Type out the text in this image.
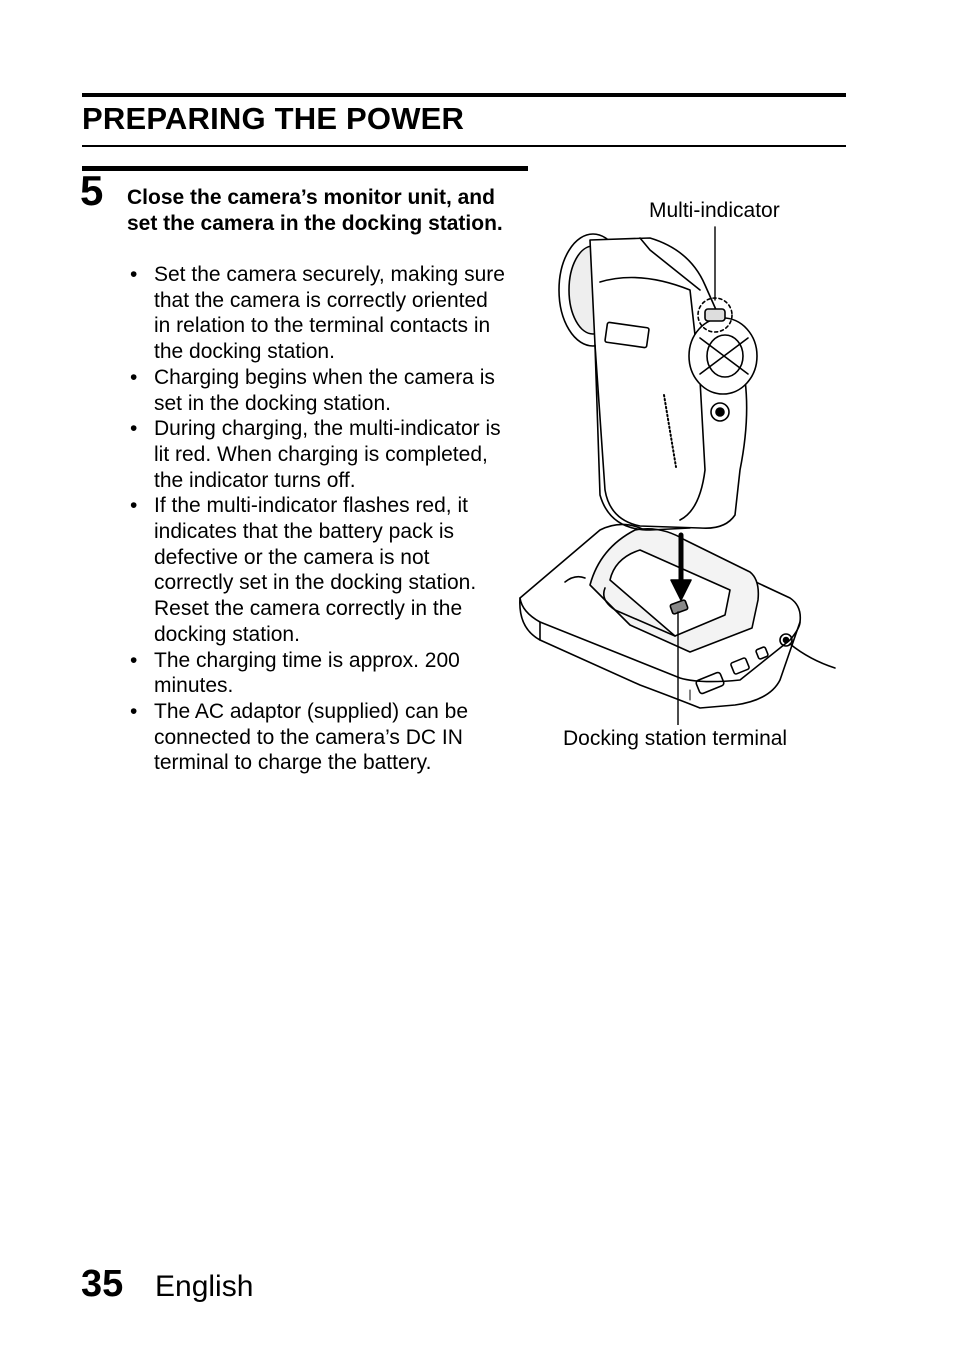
PREPARING THE POWER
5 Close the camera’s monitor unit, and set the camera in the docking station.
• Set the camera securely, making sure that the camera is correctly oriented in relation to the terminal contacts in the docking station.
• Charging begins when the camera is set in the docking station.
• During charging, the multi-indicator is lit red. When charging is completed, the indicator turns off.
• If the multi-indicator flashes red, it indicates that the battery pack is defective or the camera is not correctly set in the docking station. Reset the camera correctly in the docking station.
• The charging time is approx. 200 minutes.
• The AC adaptor (supplied) can be connected to the camera’s DC IN terminal to charge the battery.
Multi-indicator
Docking station terminal
35 English
